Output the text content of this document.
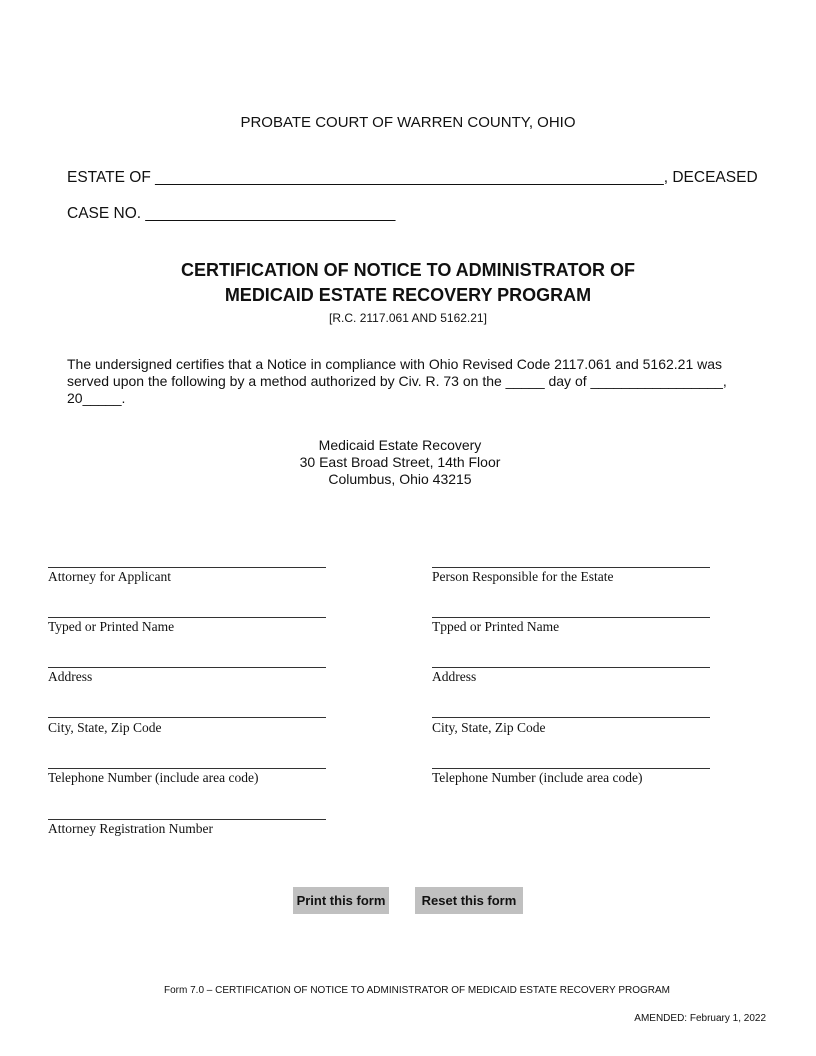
PROBATE COURT OF WARREN COUNTY, OHIO
ESTATE OF ___________________________________________________________, DECEASED
CASE NO. _____________________________
CERTIFICATION OF NOTICE TO ADMINISTRATOR OF
MEDICAID ESTATE RECOVERY PROGRAM
[R.C. 2117.061 AND 5162.21]
The undersigned certifies that a Notice in compliance with Ohio Revised Code 2117.061 and 5162.21 was served upon the following by a method authorized by Civ. R. 73 on the _____ day of _________________, 20_____.
Medicaid Estate Recovery
30 East Broad Street, 14th Floor
Columbus, Ohio 43215
Attorney for Applicant
Typed or Printed Name
Address
City, State, Zip Code
Telephone Number (include area code)
Attorney Registration Number
Person Responsible for the Estate
Tpped or Printed Name
Address
City, State, Zip Code
Telephone Number (include area code)
Print this form	Reset this form
Form 7.0 – CERTIFICATION OF NOTICE TO ADMINISTRATOR OF MEDICAID ESTATE RECOVERY PROGRAM
AMENDED: February 1, 2022
